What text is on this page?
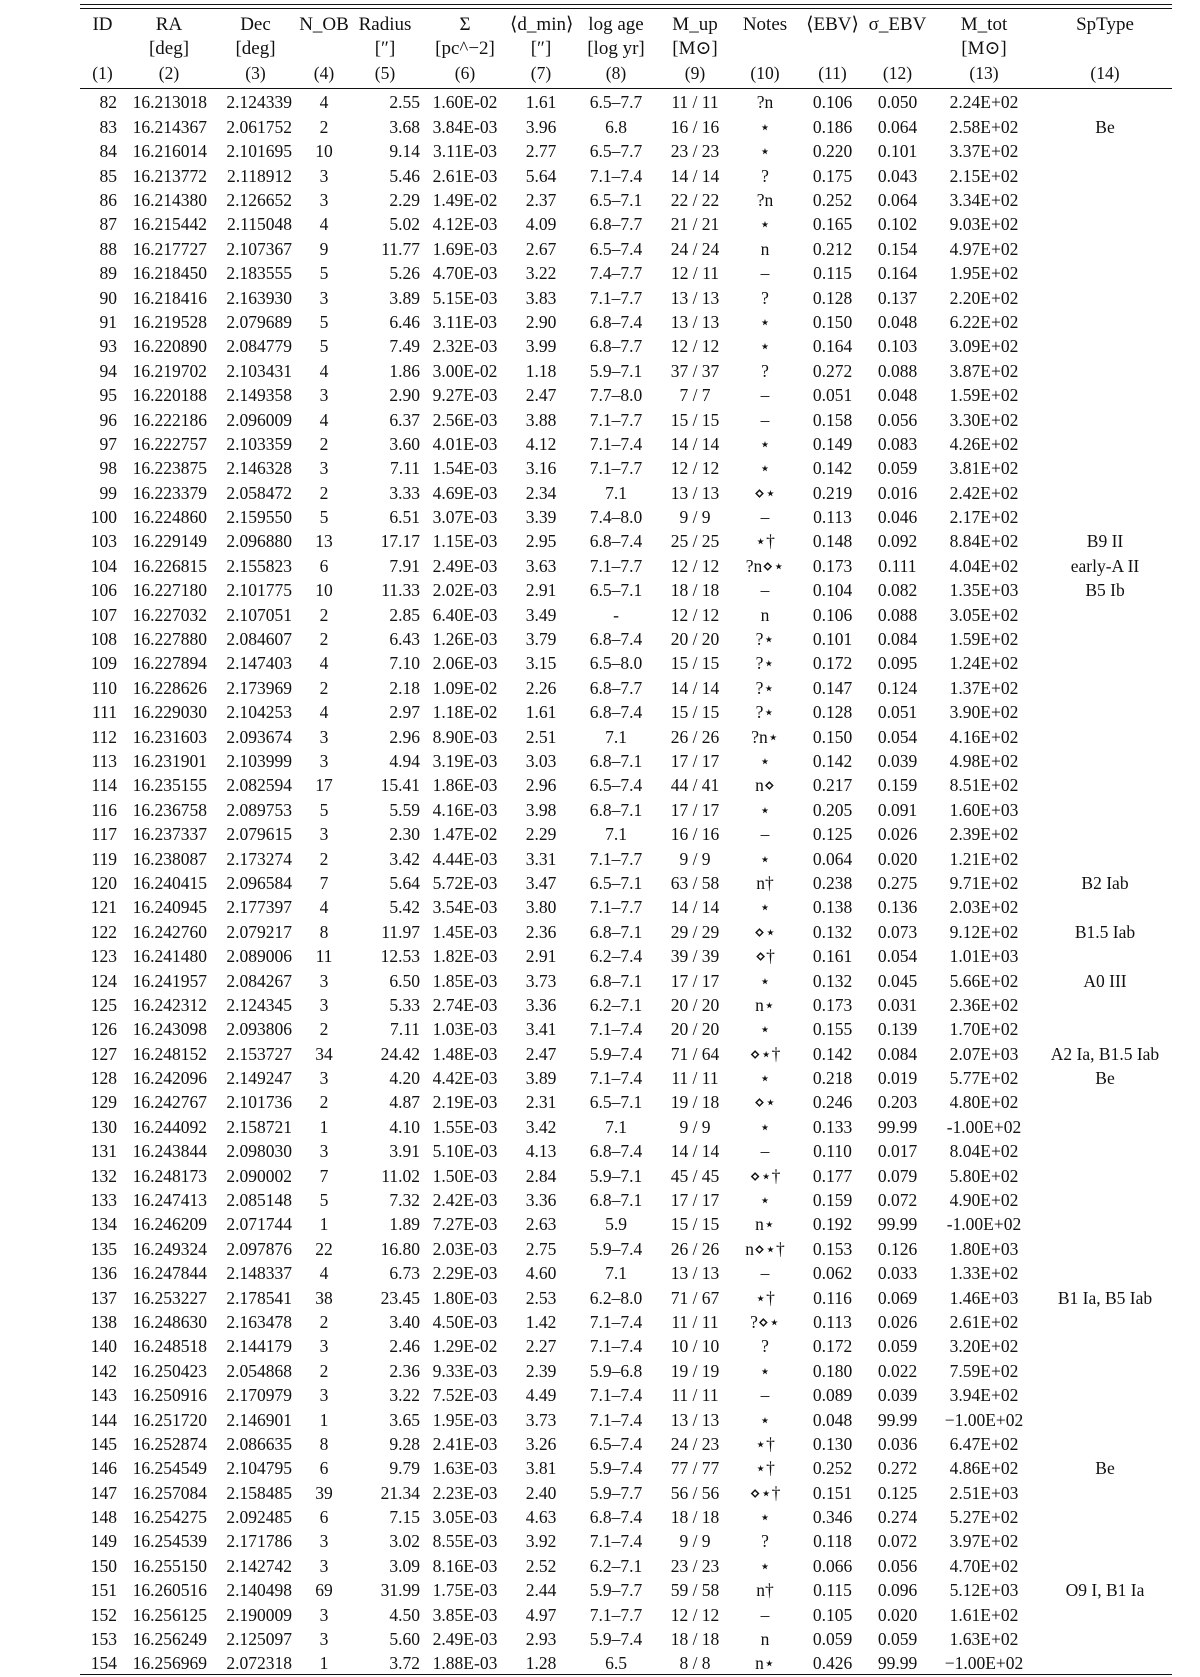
ID	RA	Dec	N_OB	Radius	Σ	⟨d_min⟩	log age	M_up	Notes	⟨EBV⟩	σ_EBV	M_tot	SpType
	[deg]	[deg]		[″]	[pc^−2]	[″]	[log yr]	[M⊙]				[M⊙]	
(1)	(2)	(3)	(4)	(5)	(6)	(7)	(8)	(9)	(10)	(11)	(12)	(13)	(14)
82	16.213018	2.124339	4	2.55	1.60E-02	1.61	6.5–7.7	11 / 11	?n	0.106	0.050	2.24E+02	
83	16.214367	2.061752	2	3.68	3.84E-03	3.96	6.8	16 / 16	⋆	0.186	0.064	2.58E+02	Be
84	16.216014	2.101695	10	9.14	3.11E-03	2.77	6.5–7.7	23 / 23	⋆	0.220	0.101	3.37E+02	
85	16.213772	2.118912	3	5.46	2.61E-03	5.64	7.1–7.4	14 / 14	?	0.175	0.043	2.15E+02	
86	16.214380	2.126652	3	2.29	1.49E-02	2.37	6.5–7.1	22 / 22	?n	0.252	0.064	3.34E+02	
87	16.215442	2.115048	4	5.02	4.12E-03	4.09	6.8–7.7	21 / 21	⋆	0.165	0.102	9.03E+02	
88	16.217727	2.107367	9	11.77	1.69E-03	2.67	6.5–7.4	24 / 24	n	0.212	0.154	4.97E+02	
89	16.218450	2.183555	5	5.26	4.70E-03	3.22	7.4–7.7	12 / 11	–	0.115	0.164	1.95E+02	
90	16.218416	2.163930	3	3.89	5.15E-03	3.83	7.1–7.7	13 / 13	?	0.128	0.137	2.20E+02	
91	16.219528	2.079689	5	6.46	3.11E-03	2.90	6.8–7.4	13 / 13	⋆	0.150	0.048	6.22E+02	
93	16.220890	2.084779	5	7.49	2.32E-03	3.99	6.8–7.7	12 / 12	⋆	0.164	0.103	3.09E+02	
94	16.219702	2.103431	4	1.86	3.00E-02	1.18	5.9–7.1	37 / 37	?	0.272	0.088	3.87E+02	
95	16.220188	2.149358	3	2.90	9.27E-03	2.47	7.7–8.0	7 / 7	–	0.051	0.048	1.59E+02	
96	16.222186	2.096009	4	6.37	2.56E-03	3.88	7.1–7.7	15 / 15	–	0.158	0.056	3.30E+02	
97	16.222757	2.103359	2	3.60	4.01E-03	4.12	7.1–7.4	14 / 14	⋆	0.149	0.083	4.26E+02	
98	16.223875	2.146328	3	7.11	1.54E-03	3.16	7.1–7.7	12 / 12	⋆	0.142	0.059	3.81E+02	
99	16.223379	2.058472	2	3.33	4.69E-03	2.34	7.1	13 / 13	⋄⋆	0.219	0.016	2.42E+02	
100	16.224860	2.159550	5	6.51	3.07E-03	3.39	7.4–8.0	9 / 9	–	0.113	0.046	2.17E+02	
103	16.229149	2.096880	13	17.17	1.15E-03	2.95	6.8–7.4	25 / 25	⋆†	0.148	0.092	8.84E+02	B9 II
104	16.226815	2.155823	6	7.91	2.49E-03	3.63	7.1–7.7	12 / 12	?n⋄⋆	0.173	0.111	4.04E+02	early-A II
106	16.227180	2.101775	10	11.33	2.02E-03	2.91	6.5–7.1	18 / 18	–	0.104	0.082	1.35E+03	B5 Ib
107	16.227032	2.107051	2	2.85	6.40E-03	3.49	-	12 / 12	n	0.106	0.088	3.05E+02	
108	16.227880	2.084607	2	6.43	1.26E-03	3.79	6.8–7.4	20 / 20	?⋆	0.101	0.084	1.59E+02	
109	16.227894	2.147403	4	7.10	2.06E-03	3.15	6.5–8.0	15 / 15	?⋆	0.172	0.095	1.24E+02	
110	16.228626	2.173969	2	2.18	1.09E-02	2.26	6.8–7.7	14 / 14	?⋆	0.147	0.124	1.37E+02	
111	16.229030	2.104253	4	2.97	1.18E-02	1.61	6.8–7.4	15 / 15	?⋆	0.128	0.051	3.90E+02	
112	16.231603	2.093674	3	2.96	8.90E-03	2.51	7.1	26 / 26	?n⋆	0.150	0.054	4.16E+02	
113	16.231901	2.103999	3	4.94	3.19E-03	3.03	6.8–7.1	17 / 17	⋆	0.142	0.039	4.98E+02	
114	16.235155	2.082594	17	15.41	1.86E-03	2.96	6.5–7.4	44 / 41	n⋄	0.217	0.159	8.51E+02	
116	16.236758	2.089753	5	5.59	4.16E-03	3.98	6.8–7.1	17 / 17	⋆	0.205	0.091	1.60E+03	
117	16.237337	2.079615	3	2.30	1.47E-02	2.29	7.1	16 / 16	–	0.125	0.026	2.39E+02	
119	16.238087	2.173274	2	3.42	4.44E-03	3.31	7.1–7.7	9 / 9	⋆	0.064	0.020	1.21E+02	
120	16.240415	2.096584	7	5.64	5.72E-03	3.47	6.5–7.1	63 / 58	n†	0.238	0.275	9.71E+02	B2 Iab
121	16.240945	2.177397	4	5.42	3.54E-03	3.80	7.1–7.7	14 / 14	⋆	0.138	0.136	2.03E+02	
122	16.242760	2.079217	8	11.97	1.45E-03	2.36	6.8–7.1	29 / 29	⋄⋆	0.132	0.073	9.12E+02	B1.5 Iab
123	16.241480	2.089006	11	12.53	1.82E-03	2.91	6.2–7.4	39 / 39	⋄†	0.161	0.054	1.01E+03	
124	16.241957	2.084267	3	6.50	1.85E-03	3.73	6.8–7.1	17 / 17	⋆	0.132	0.045	5.66E+02	A0 III
125	16.242312	2.124345	3	5.33	2.74E-03	3.36	6.2–7.1	20 / 20	n⋆	0.173	0.031	2.36E+02	
126	16.243098	2.093806	2	7.11	1.03E-03	3.41	7.1–7.4	20 / 20	⋆	0.155	0.139	1.70E+02	
127	16.248152	2.153727	34	24.42	1.48E-03	2.47	5.9–7.4	71 / 64	⋄⋆†	0.142	0.084	2.07E+03	A2 Ia, B1.5 Iab
128	16.242096	2.149247	3	4.20	4.42E-03	3.89	7.1–7.4	11 / 11	⋆	0.218	0.019	5.77E+02	Be
129	16.242767	2.101736	2	4.87	2.19E-03	2.31	6.5–7.1	19 / 18	⋄⋆	0.246	0.203	4.80E+02	
130	16.244092	2.158721	1	4.10	1.55E-03	3.42	7.1	9 / 9	⋆	0.133	99.99	-1.00E+02	
131	16.243844	2.098030	3	3.91	5.10E-03	4.13	6.8–7.4	14 / 14	–	0.110	0.017	8.04E+02	
132	16.248173	2.090002	7	11.02	1.50E-03	2.84	5.9–7.1	45 / 45	⋄⋆†	0.177	0.079	5.80E+02	
133	16.247413	2.085148	5	7.32	2.42E-03	3.36	6.8–7.1	17 / 17	⋆	0.159	0.072	4.90E+02	
134	16.246209	2.071744	1	1.89	7.27E-03	2.63	5.9	15 / 15	n⋆	0.192	99.99	-1.00E+02	
135	16.249324	2.097876	22	16.80	2.03E-03	2.75	5.9–7.4	26 / 26	n⋄⋆†	0.153	0.126	1.80E+03	
136	16.247844	2.148337	4	6.73	2.29E-03	4.60	7.1	13 / 13	–	0.062	0.033	1.33E+02	
137	16.253227	2.178541	38	23.45	1.80E-03	2.53	6.2–8.0	71 / 67	⋆†	0.116	0.069	1.46E+03	B1 Ia, B5 Iab
138	16.248630	2.163478	2	3.40	4.50E-03	1.42	7.1–7.4	11 / 11	?⋄⋆	0.113	0.026	2.61E+02	
140	16.248518	2.144179	3	2.46	1.29E-02	2.27	7.1–7.4	10 / 10	?	0.172	0.059	3.20E+02	
142	16.250423	2.054868	2	2.36	9.33E-03	2.39	5.9–6.8	19 / 19	⋆	0.180	0.022	7.59E+02	
143	16.250916	2.170979	3	3.22	7.52E-03	4.49	7.1–7.4	11 / 11	–	0.089	0.039	3.94E+02	
144	16.251720	2.146901	1	3.65	1.95E-03	3.73	7.1–7.4	13 / 13	⋆	0.048	99.99	−1.00E+02	
145	16.252874	2.086635	8	9.28	2.41E-03	3.26	6.5–7.4	24 / 23	⋆†	0.130	0.036	6.47E+02	
146	16.254549	2.104795	6	9.79	1.63E-03	3.81	5.9–7.4	77 / 77	⋆†	0.252	0.272	4.86E+02	Be
147	16.257084	2.158485	39	21.34	2.23E-03	2.40	5.9–7.7	56 / 56	⋄⋆†	0.151	0.125	2.51E+03	
148	16.254275	2.092485	6	7.15	3.05E-03	4.63	6.8–7.4	18 / 18	⋆	0.346	0.274	5.27E+02	
149	16.254539	2.171786	3	3.02	8.55E-03	3.92	7.1–7.4	9 / 9	?	0.118	0.072	3.97E+02	
150	16.255150	2.142742	3	3.09	8.16E-03	2.52	6.2–7.1	23 / 23	⋆	0.066	0.056	4.70E+02	
151	16.260516	2.140498	69	31.99	1.75E-03	2.44	5.9–7.7	59 / 58	n†	0.115	0.096	5.12E+03	O9 I, B1 Ia
152	16.256125	2.190009	3	4.50	3.85E-03	4.97	7.1–7.7	12 / 12	–	0.105	0.020	1.61E+02	
153	16.256249	2.125097	3	5.60	2.49E-03	2.93	5.9–7.4	18 / 18	n	0.059	0.059	1.63E+02	
154	16.256969	2.072318	1	3.72	1.88E-03	1.28	6.5	8 / 8	n⋆	0.426	99.99	−1.00E+02	
